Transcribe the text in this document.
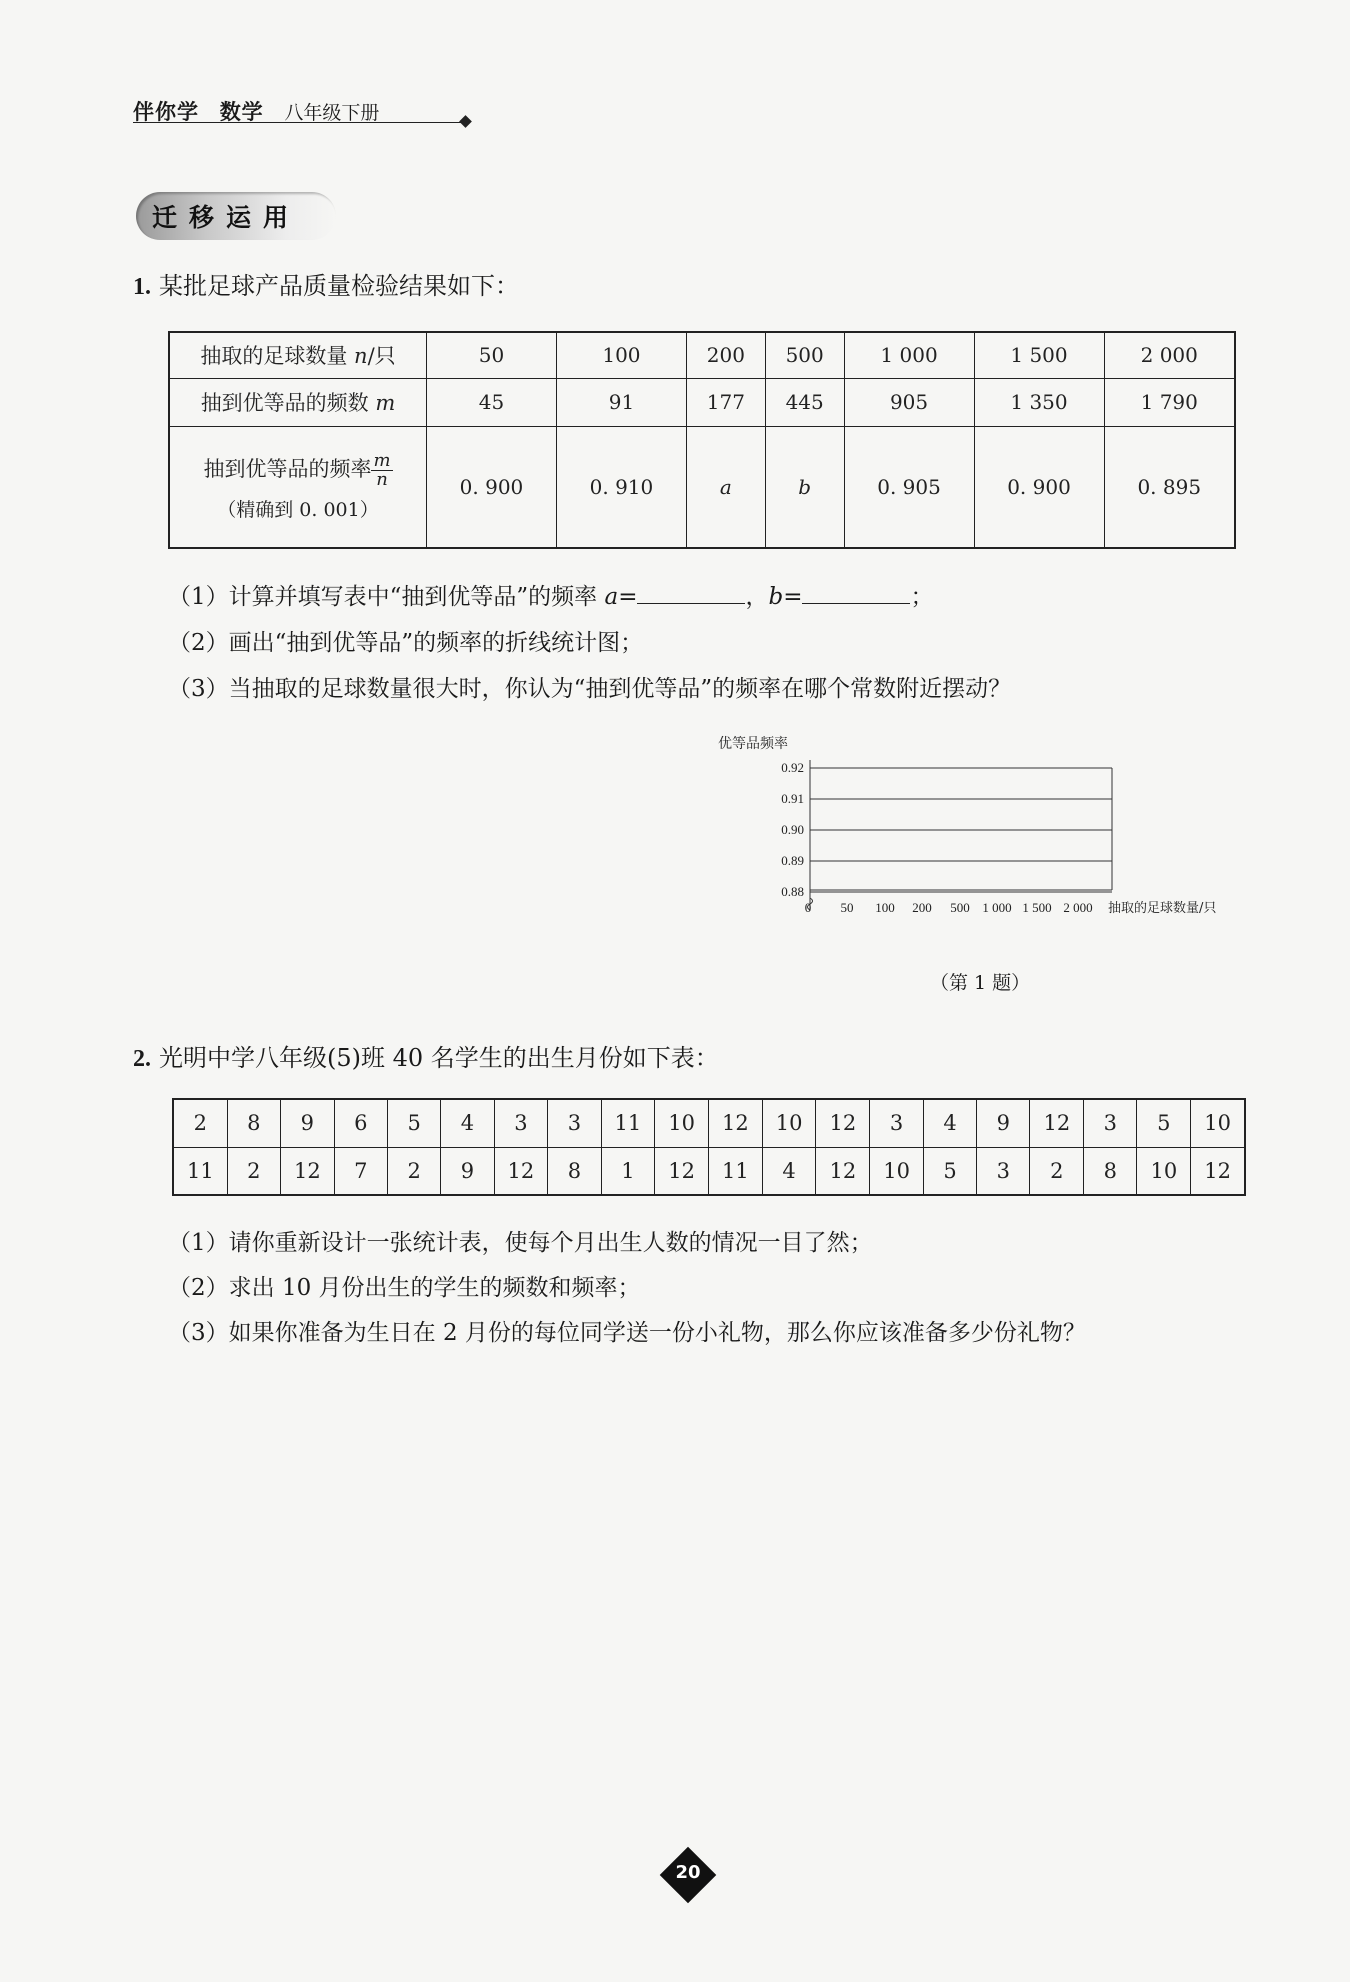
伴你学 数学 八年级下册
迁移运用
1. 某批足球产品质量检验结果如下：
抽取的足球数量 n/只	50	100	200	500	1 000	1 500	2 000
抽到优等品的频数 m	45	91	177	445	905	1 350	1 790

抽到优等品的频率 $\frac{m}{n}$
（精确到 0. 001）	0. 900	0. 910	a	b	0. 905	0. 900	0. 895
（1）计算并填写表中“抽到优等品”的频率 a=	，b=	；
（2）画出“抽到优等品”的频率的折线统计图；
（3）当抽取的足球数量很大时，你认为“抽到优等品”的频率在哪个常数附近摆动？
优等品频率
0.92
0.91
0.90
0.89
0.88
0 50 100 200 500 1 000 1 500 2 000 抽取的足球数量/只
（第 1 题）
2. 光明中学八年级(5)班 40 名学生的出生月份如下表：
2	8	9	6	5	4	3	3	11	10	12	10	12	3	4	9	12	3	5	10
11	2	12	7	2	9	12	8	1	12	11	4	12	10	5	3	2	8	10	12
（1）请你重新设计一张统计表，使每个月出生人数的情况一目了然；
（2）求出 10 月份出生的学生的频数和频率；
（3）如果你准备为生日在 2 月份的每位同学送一份小礼物，那么你应该准备多少份礼物？
20
